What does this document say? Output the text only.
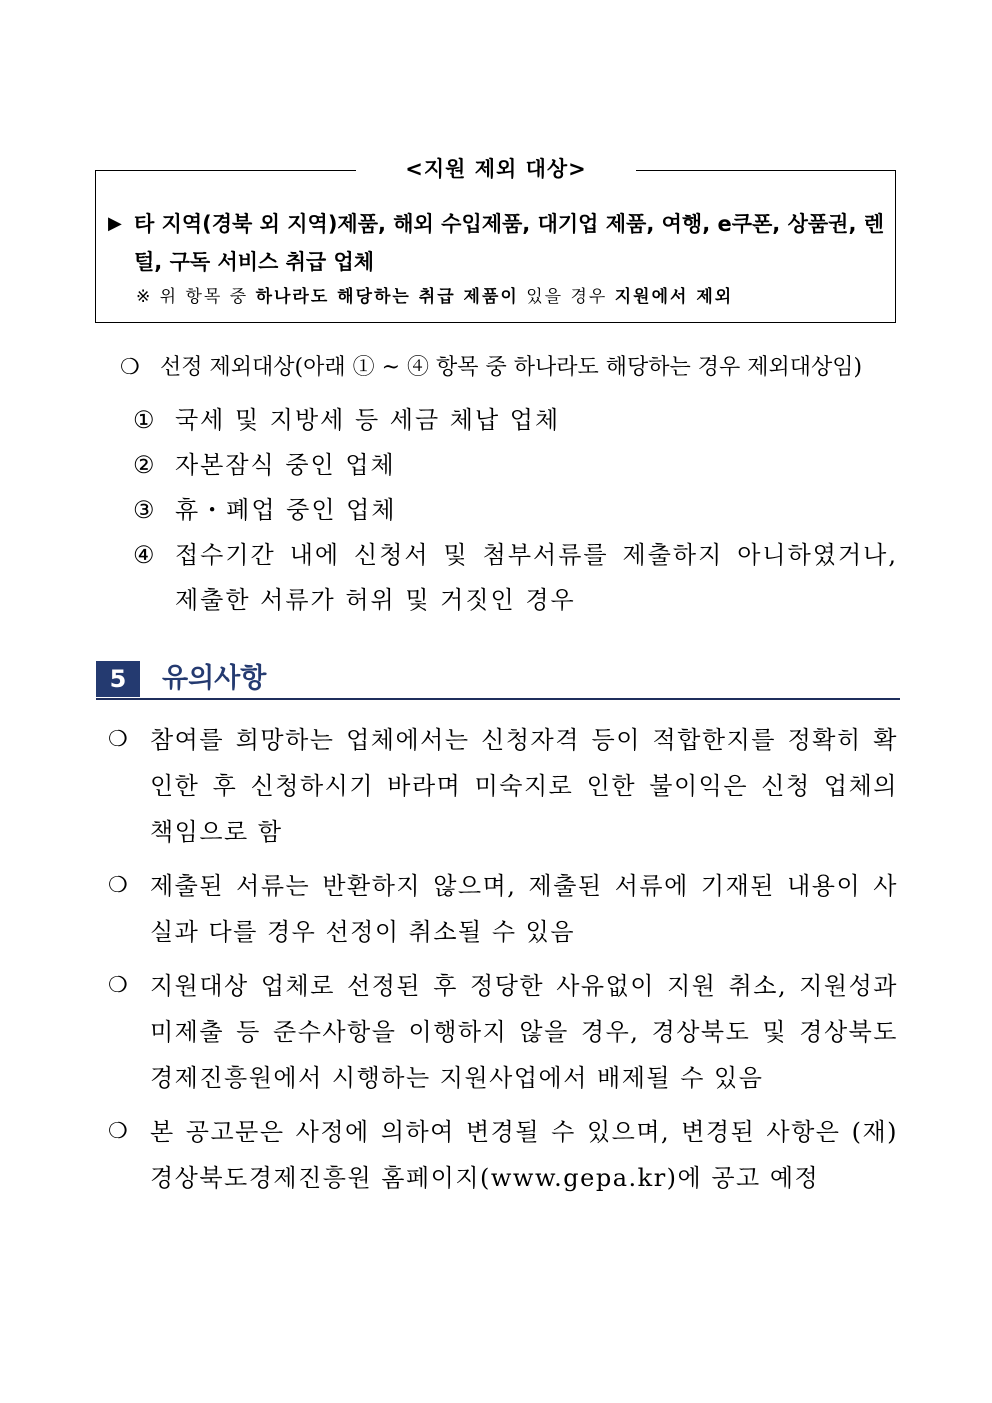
<지원 제외 대상>
▶ 타 지역(경북 외 지역)제품, 해외 수입제품, 대기업 제품, 여행, e쿠폰, 상품권, 렌털, 구독 서비스 취급 업체
※ 위 항목 중 하나라도 해당하는 취급 제품이 있을 경우 지원에서 제외
❍ 선정 제외대상(아래 ① ~ ④ 항목 중 하나라도 해당하는 경우 제외대상임)
① 국세 및 지방세 등 세금 체납 업체
② 자본잠식 중인 업체
③ 휴・폐업 중인 업체
④ 접수기간 내에 신청서 및 첨부서류를 제출하지 아니하였거나, 제출한 서류가 허위 및 거짓인 경우
5	유의사항
❍ 참여를 희망하는 업체에서는 신청자격 등이 적합한지를 정확히 확인한 후 신청하시기 바라며 미숙지로 인한 불이익은 신청 업체의 책임으로 함
❍ 제출된 서류는 반환하지 않으며, 제출된 서류에 기재된 내용이 사실과 다를 경우 선정이 취소될 수 있음
❍ 지원대상 업체로 선정된 후 정당한 사유없이 지원 취소, 지원성과 미제출 등 준수사항을 이행하지 않을 경우, 경상북도 및 경상북도경제진흥원에서 시행하는 지원사업에서 배제될 수 있음
❍ 본 공고문은 사정에 의하여 변경될 수 있으며, 변경된 사항은 (재)경상북도경제진흥원 홈페이지(www.gepa.kr)에 공고 예정
